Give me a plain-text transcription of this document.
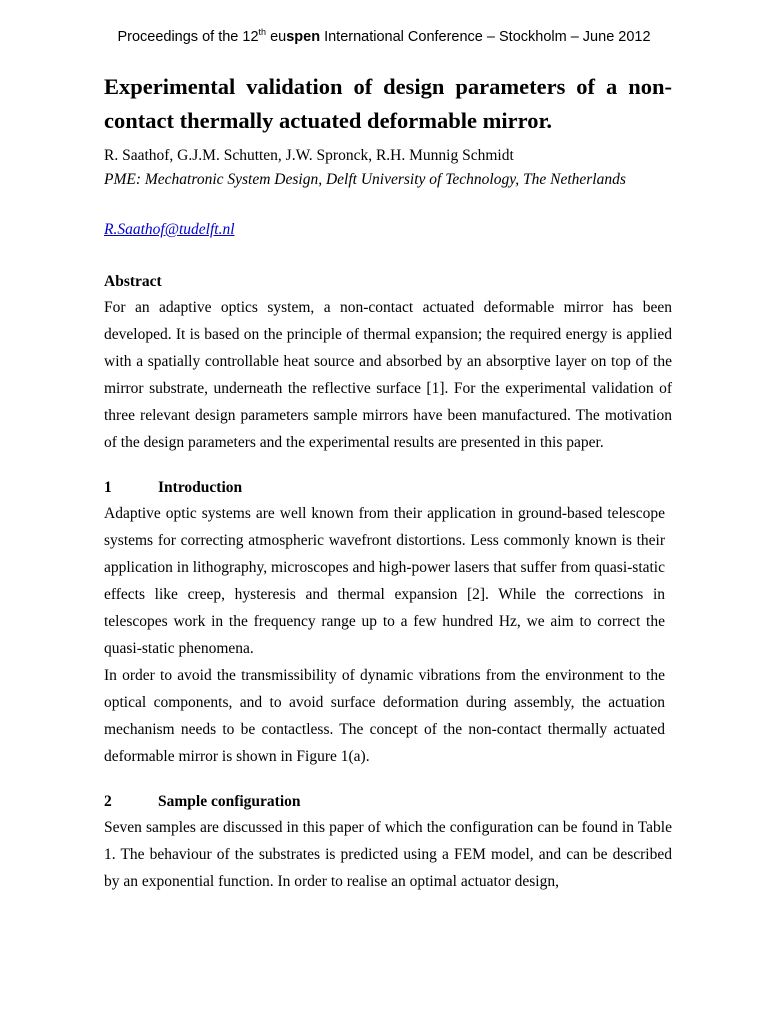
Proceedings of the 12th euspen International Conference – Stockholm – June 2012
Experimental validation of design parameters of a non-contact thermally actuated deformable mirror.
R. Saathof, G.J.M. Schutten, J.W. Spronck, R.H. Munnig Schmidt
PME: Mechatronic System Design, Delft University of Technology, The Netherlands
R.Saathof@tudelft.nl
Abstract

For an adaptive optics system, a non-contact actuated deformable mirror has been developed. It is based on the principle of thermal expansion; the required energy is applied with a spatially controllable heat source and absorbed by an absorptive layer on top of the mirror substrate, underneath the reflective surface [1]. For the experimental validation of three relevant design parameters sample mirrors have been manufactured. The motivation of the design parameters and the experimental results are presented in this paper.

1	Introduction

Adaptive optic systems are well known from their application in ground-based telescope systems for correcting atmospheric wavefront distortions. Less commonly known is their application in lithography, microscopes and high-power lasers that suffer from quasi-static effects like creep, hysteresis and thermal expansion [2]. While the corrections in telescopes work in the frequency range up to a few hundred Hz, we aim to correct the quasi-static phenomena.

In order to avoid the transmissibility of dynamic vibrations from the environment to the optical components, and to avoid surface deformation during assembly, the actuation mechanism needs to be contactless. The concept of the non-contact thermally actuated deformable mirror is shown in Figure 1(a).

2	Sample configuration

Seven samples are discussed in this paper of which the configuration can be found in Table 1. The behaviour of the substrates is predicted using a FEM model, and can be described by an exponential function. In order to realise an optimal actuator design,
